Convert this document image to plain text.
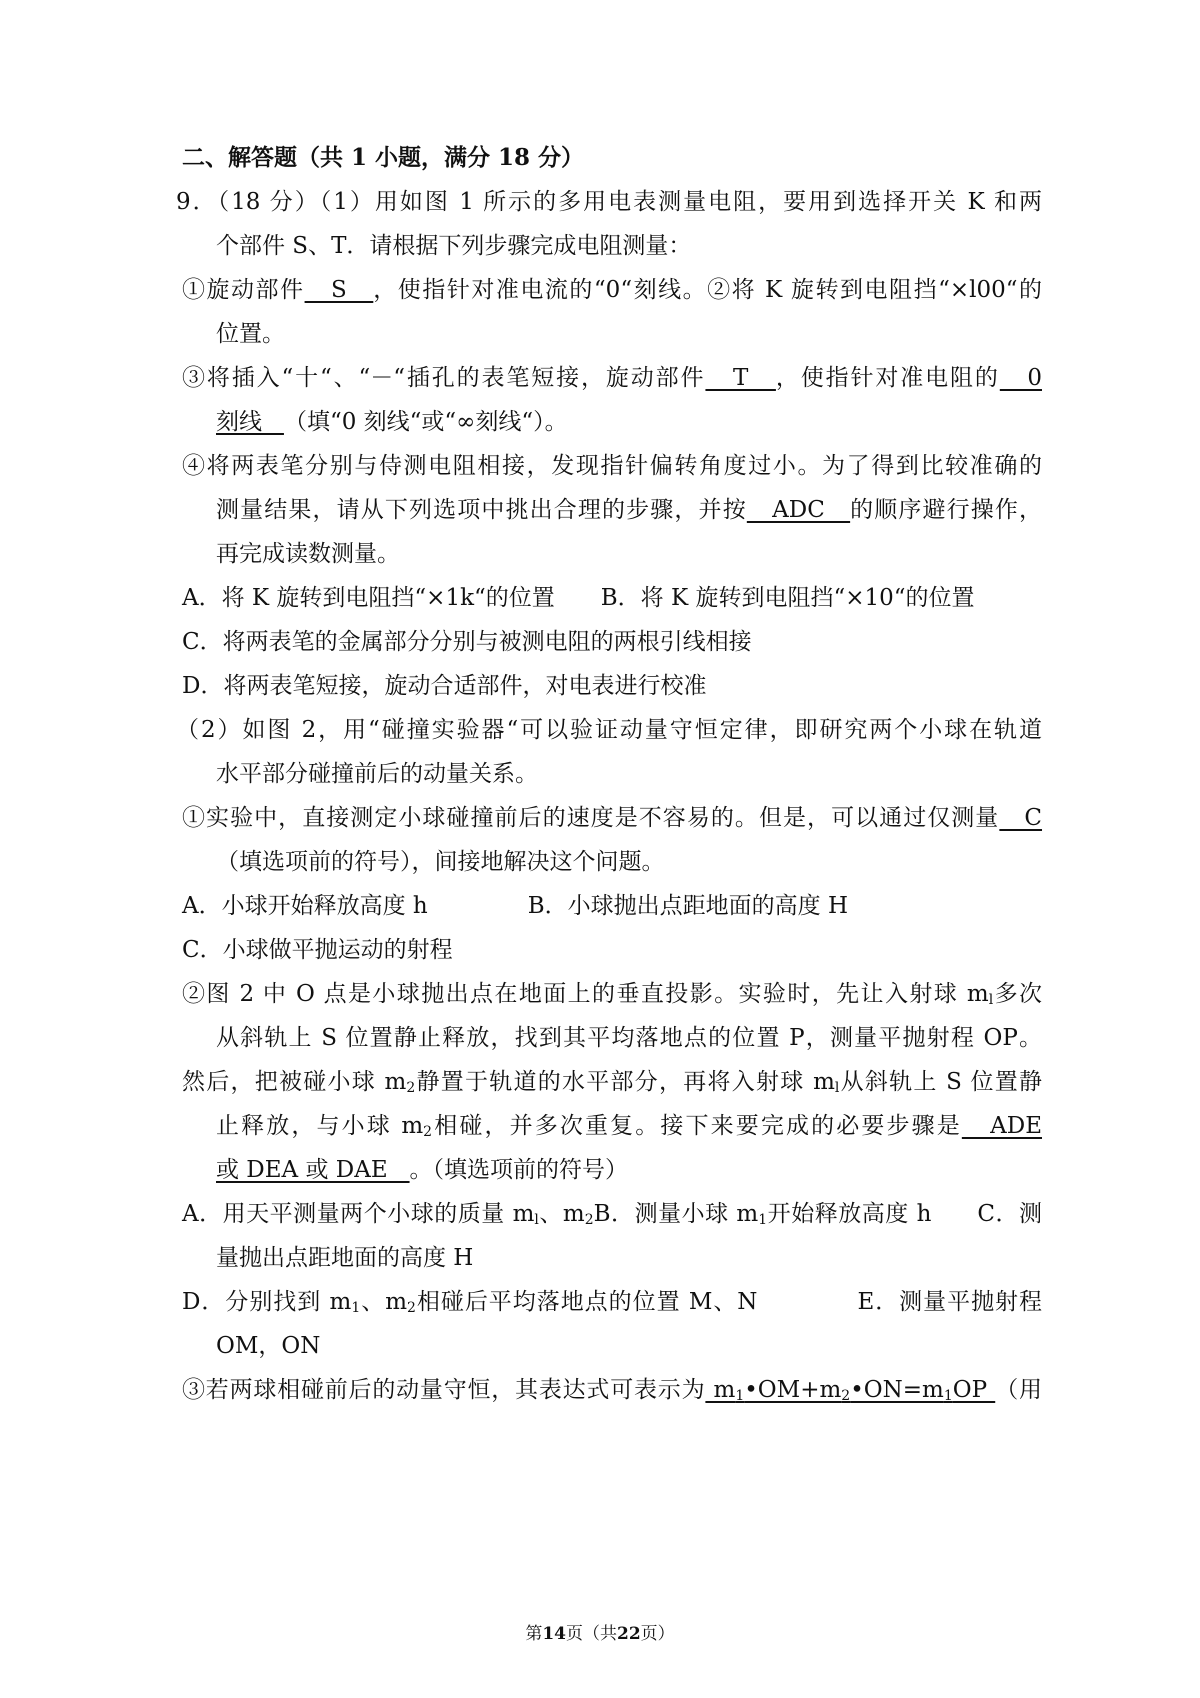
二、解答题（共 1 小题，满分 18 分）
9．（18 分）（1）用如图 1 所示的多用电表测量电阻，要用到选择开关 K 和两
个部件 S、T．请根据下列步骤完成电阻测量：
①旋动部件   S   ，使指针对准电流的“0“刻线。②将 K 旋转到电阻挡“×l00“的
位置。
③将插入“十“、“－“插孔的表笔短接，旋动部件   T   ，使指针对准电阻的   0
刻线   （填“0 刻线“或“∞刻线“）。
④将两表笔分别与侍测电阻相接，发现指针偏转角度过小。为了得到比较准确的
测量结果，请从下列选项中挑出合理的步骤，并按   ADC   的顺序避行操作，
再完成读数测量。
A．将 K 旋转到电阻挡“×1k“的位置 B．将 K 旋转到电阻挡“×10“的位置
C．将两表笔的金属部分分别与被测电阻的两根引线相接
D．将两表笔短接，旋动合适部件，对电表进行校准
（2）如图 2，用“碰撞实验器“可以验证动量守恒定律，即研究两个小球在轨道
水平部分碰撞前后的动量关系。
①实验中，直接测定小球碰撞前后的速度是不容易的。但是，可以通过仅测量   C
（填选项前的符号），间接地解决这个问题。
A．小球开始释放高度 h	B．小球抛出点距地面的高度 H
C．小球做平抛运动的射程
②图 2 中 O 点是小球抛出点在地面上的垂直投影。实验时，先让入射球 $m_l$多次
从斜轨上 S 位置静止释放，找到其平均落地点的位置 P，测量平抛射程 OP。
然后，把被碰小球 $m_2$静置于轨道的水平部分，再将入射球 $m_l$从斜轨上 S 位置静
止释放，与小球 $m_2$相碰，并多次重复。接下来要完成的必要步骤是   ADE
或 DEA 或 DAE   。（填选项前的符号）
A．用天平测量两个小球的质量 $m_l$、$m_2B$．测量小球 $m_1$开始释放高度 h C．测
量抛出点距地面的高度 H
D．分别找到 $m_1$、$m_2$相碰后平均落地点的位置 M、N	E．测量平抛射程
OM，ON
③若两球相碰前后的动量守恒，其表达式可表示为 $m_1•OM+m_2•ON=m_1OP$ （用
第14页（共22页）
